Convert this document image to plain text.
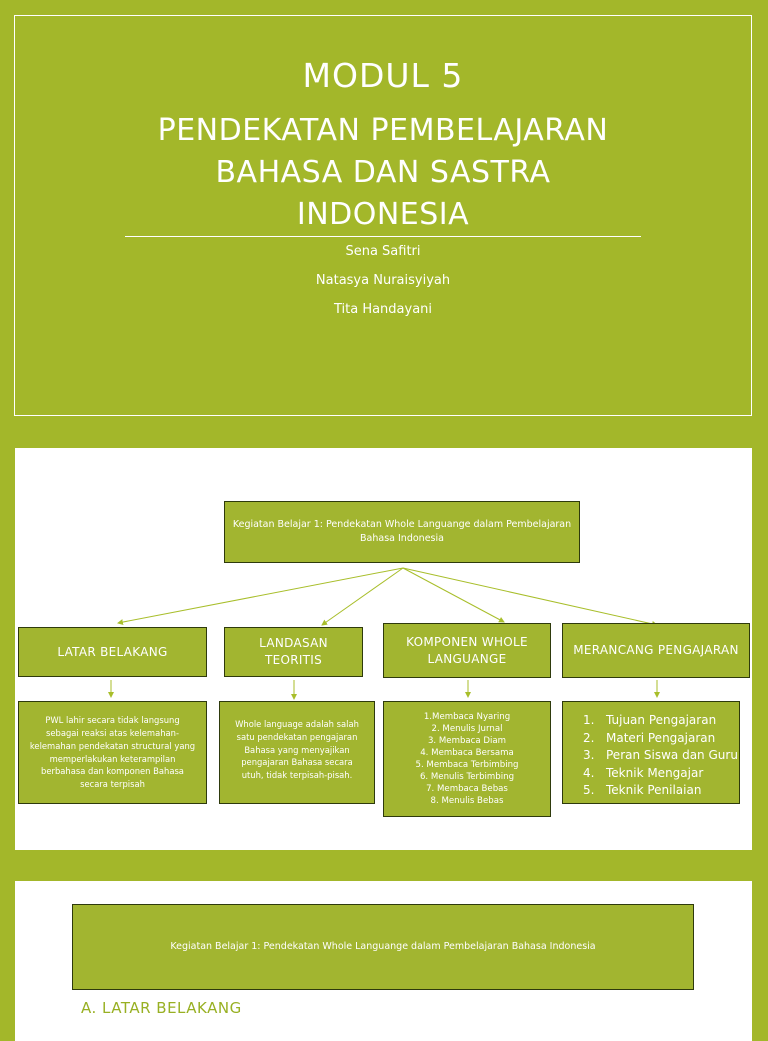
MODUL 5
PENDEKATAN PEMBELAJARAN
BAHASA DAN SASTRA
INDONESIA
Sena Safitri
Natasya Nuraisyiyah
Tita Handayani
Kegiatan Belajar 1: Pendekatan Whole Languange dalam Pembelajaran Bahasa Indonesia
LATAR BELAKANG
LANDASAN TEORITIS
KOMPONEN WHOLE LANGUANGE
MERANCANG PENGAJARAN
PWL lahir secara tidak langsung sebagai reaksi atas kelemahan-kelemahan pendekatan structural yang memperlakukan keterampilan berbahasa dan komponen Bahasa secara terpisah
Whole language adalah salah satu pendekatan pengajaran Bahasa yang menyajikan pengajaran Bahasa secara utuh, tidak terpisah-pisah.
1.Membaca Nyaring
2. Menulis Jurnal
3. Membaca Diam
4. Membaca Bersama
5. Membaca Terbimbing
6. Menulis Terbimbing
7. Membaca Bebas
8. Menulis Bebas
1. Tujuan Pengajaran
2. Materi Pengajaran
3. Peran Siswa dan Guru
4. Teknik Mengajar
5. Teknik Penilaian
Kegiatan Belajar 1: Pendekatan Whole Languange dalam Pembelajaran Bahasa Indonesia
A. LATAR BELAKANG
